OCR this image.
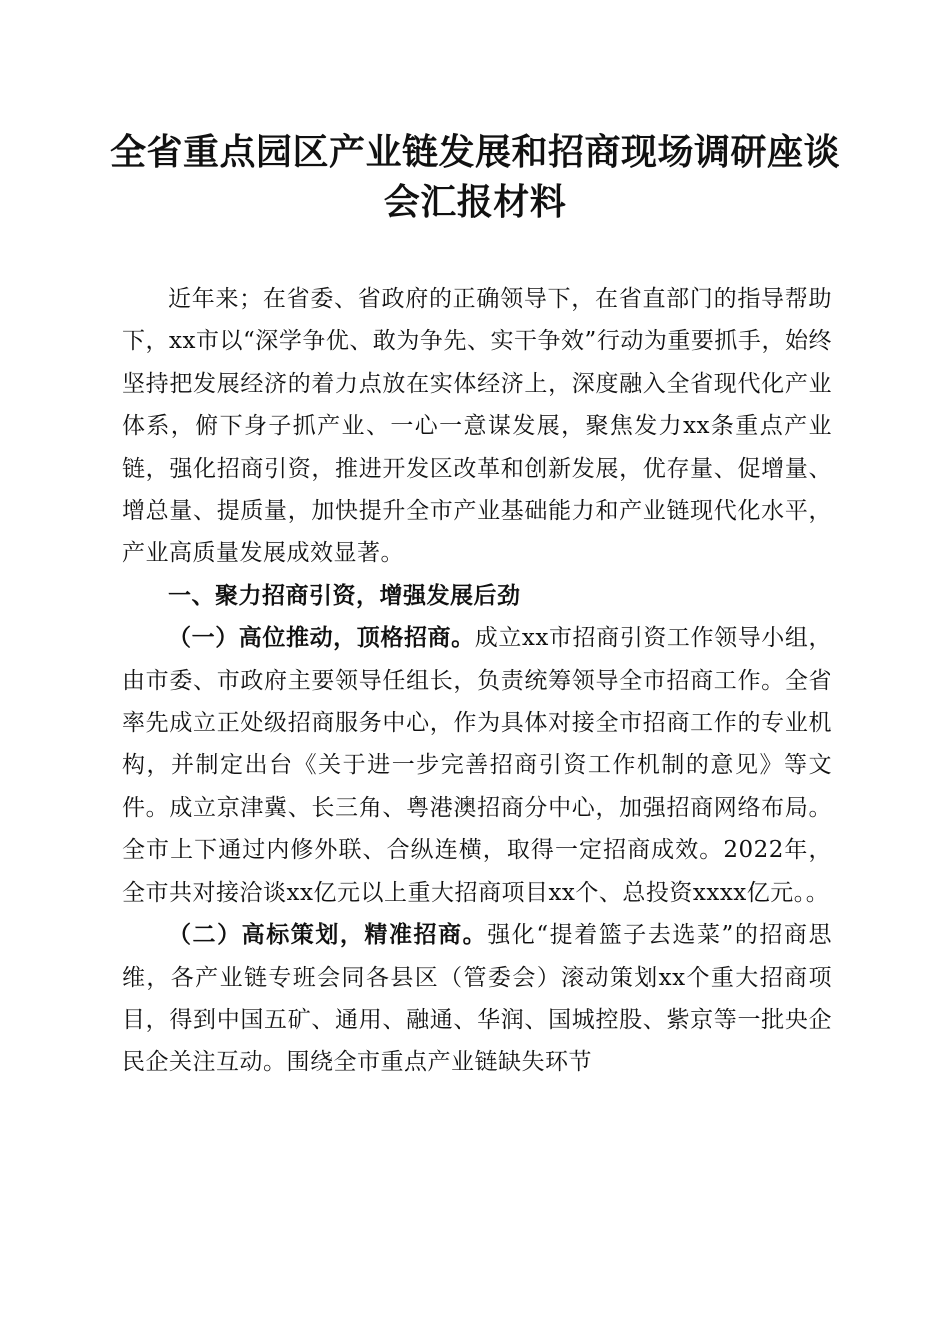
全省重点园区产业链发展和招商现场调研座谈
会汇报材料

近年来；在省委、省政府的正确领导下，在省直部门的指导帮助下，xx市以“深学争优、敢为争先、实干争效”行动为重要抓手，始终坚持把发展经济的着力点放在实体经济上，深度融入全省现代化产业体系，俯下身子抓产业、一心一意谋发展，聚焦发力xx条重点产业链，强化招商引资，推进开发区改革和创新发展，优存量、促增量、增总量、提质量，加快提升全市产业基础能力和产业链现代化水平，产业高质量发展成效显著。

一、聚力招商引资，增强发展后劲

（一）高位推动，顶格招商。成立xx市招商引资工作领导小组，由市委、市政府主要领导任组长，负责统筹领导全市招商工作。全省率先成立正处级招商服务中心，作为具体对接全市招商工作的专业机构，并制定出台《关于进一步完善招商引资工作机制的意见》等文件。成立京津冀、长三角、粤港澳招商分中心，加强招商网络布局。全市上下通过内修外联、合纵连横，取得一定招商成效。2022年，全市共对接洽谈xx亿元以上重大招商项目xx个、总投资xxxx亿元。。

（二）高标策划，精准招商。强化“提着篮子去选菜”的招商思维，各产业链专班会同各县区（管委会）滚动策划xx个重大招商项目，得到中国五矿、通用、融通、华润、国城控股、紫京等一批央企民企关注互动。围绕全市重点产业链缺失环节
